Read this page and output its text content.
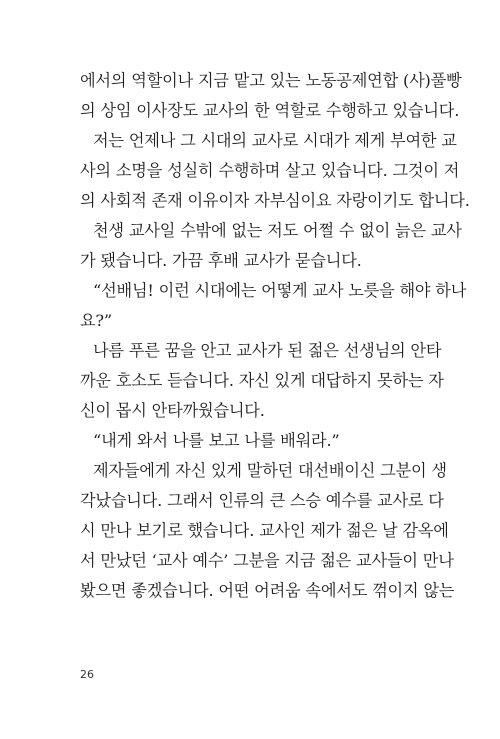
에서의 역할이나 지금 맡고 있는 노동공제연합 (사)풀빵
의 상임 이사장도 교사의 한 역할로 수행하고 있습니다.
저는 언제나 그 시대의 교사로 시대가 제게 부여한 교
사의 소명을 성실히 수행하며 살고 있습니다. 그것이 저
의 사회적 존재 이유이자 자부심이요 자랑이기도 합니다.
천생 교사일 수밖에 없는 저도 어쩔 수 없이 늙은 교사
가 됐습니다. 가끔 후배 교사가 묻습니다.
“선배님! 이런 시대에는 어떻게 교사 노릇을 해야 하나
요?”
나름 푸른 꿈을 안고 교사가 된 젊은 선생님의 안타
까운 호소도 듣습니다. 자신 있게 대답하지 못하는 자
신이 몹시 안타까웠습니다.
“내게 와서 나를 보고 나를 배워라.”
제자들에게 자신 있게 말하던 대선배이신 그분이 생
각났습니다. 그래서 인류의 큰 스승 예수를 교사로 다
시 만나 보기로 했습니다. 교사인 제가 젊은 날 감옥에
서 만났던 ‘교사 예수’ 그분을 지금 젊은 교사들이 만나
봤으면 좋겠습니다. 어떤 어려움 속에서도 꺾이지 않는
26
